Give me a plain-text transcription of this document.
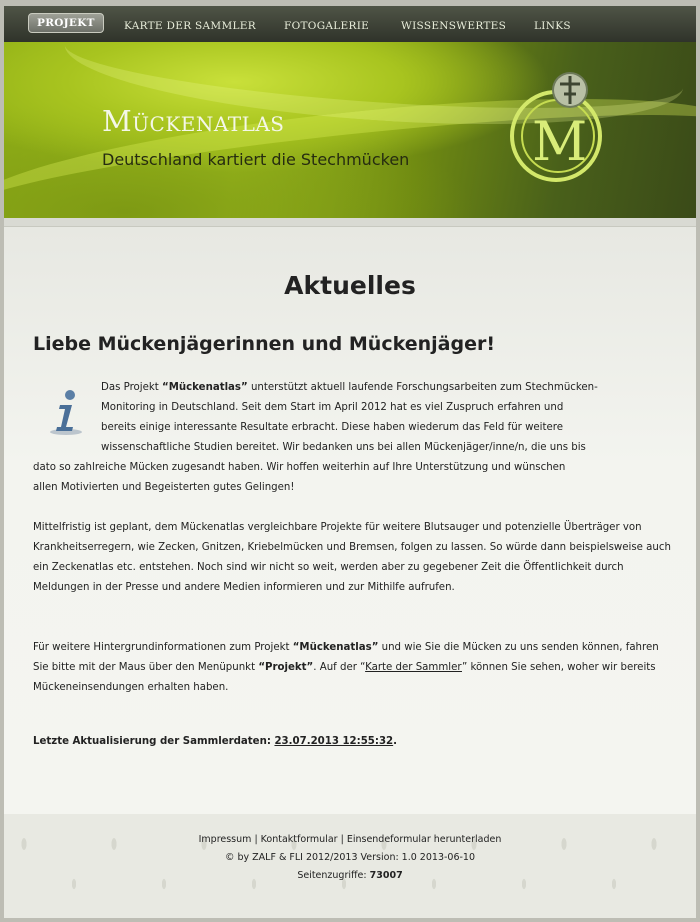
PROJEKT	KARTE DER SAMMLER	FOTOGALERIE	WISSENSWERTES	LINKS
Mückenatlas
Deutschland kartiert die Stechmücken M
Aktuelles
Liebe Mückenjägerinnen und Mückenjäger!
Das Projekt “Mückenatlas” unterstützt aktuell laufende Forschungsarbeiten zum Stechmücken-
Monitoring in Deutschland. Seit dem Start im April 2012 hat es viel Zuspruch erfahren und
bereits einige interessante Resultate erbracht. Diese haben wiederum das Feld für weitere
wissenschaftliche Studien bereitet. Wir bedanken uns bei allen Mückenjäger/inne/n, die uns bis
dato so zahlreiche Mücken zugesandt haben. Wir hoffen weiterhin auf Ihre Unterstützung und wünschen
allen Motivierten und Begeisterten gutes Gelingen!

Mittelfristig ist geplant, dem Mückenatlas vergleichbare Projekte für weitere Blutsauger und potenzielle Überträger von Krankheitserregern, wie Zecken, Gnitzen, Kriebelmücken und Bremsen, folgen zu lassen. So würde dann beispielsweise auch ein Zeckenatlas etc. entstehen. Noch sind wir nicht so weit, werden aber zu gegebener Zeit die Öffentlichkeit durch Meldungen in der Presse und andere Medien informieren und zur Mithilfe aufrufen.

Für weitere Hintergrundinformationen zum Projekt “Mückenatlas” und wie Sie die Mücken zu uns senden können, fahren Sie bitte mit der Maus über den Menüpunkt “Projekt”. Auf der “Karte der Sammler” können Sie sehen, woher wir bereits Mückeneinsendungen erhalten haben.

Letzte Aktualisierung der Sammlerdaten: 23.07.2013 12:55:32.

Impressum | Kontaktformular | Einsendeformular herunterladen
© by ZALF & FLI 2012/2013 Version: 1.0 2013-06-10
Seitenzugriffe: 73007
